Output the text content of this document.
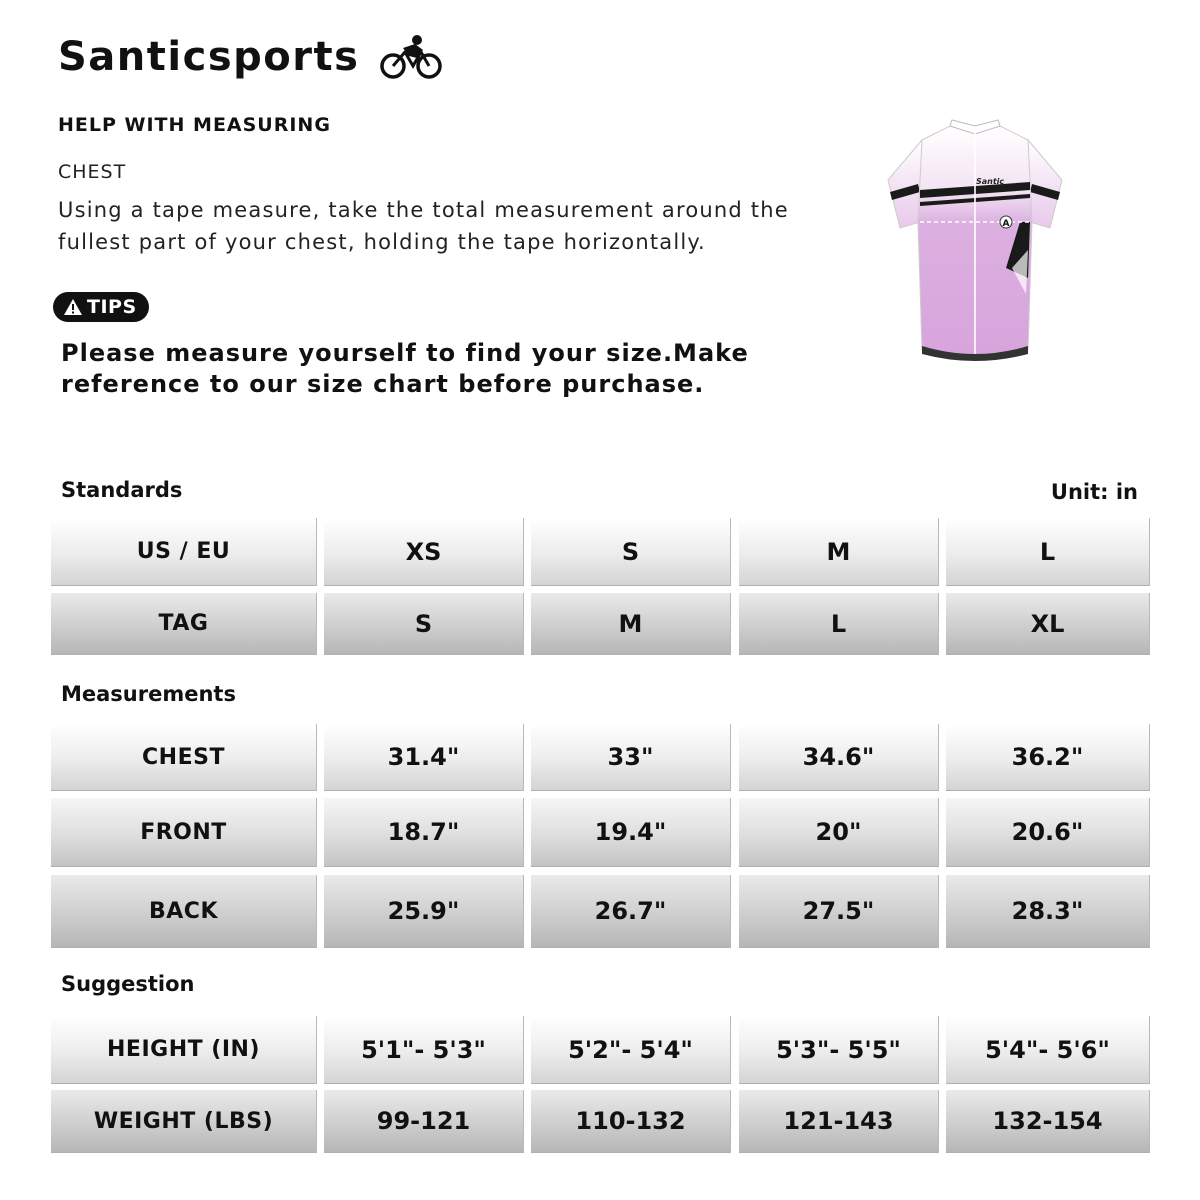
Santicsports
HELP WITH MEASURING
CHEST
Using a tape measure, take the total measurement around the fullest part of your chest, holding the tape horizontally.
TIPS
Please measure yourself to find your size.Make reference to our size chart before purchase.
A
Santic
Standards	Unit: in
US / EU	XS	S	M	L
TAG	S	M	L	XL
Measurements
CHEST	31.4"	33"	34.6"	36.2"
FRONT	18.7"	19.4"	20"	20.6"
BACK	25.9"	26.7"	27.5"	28.3"
Suggestion
HEIGHT (IN)	5'1"- 5'3"	5'2"- 5'4"	5'3"- 5'5"	5'4"- 5'6"
WEIGHT (LBS)	99-121	110-132	121-143	132-154
